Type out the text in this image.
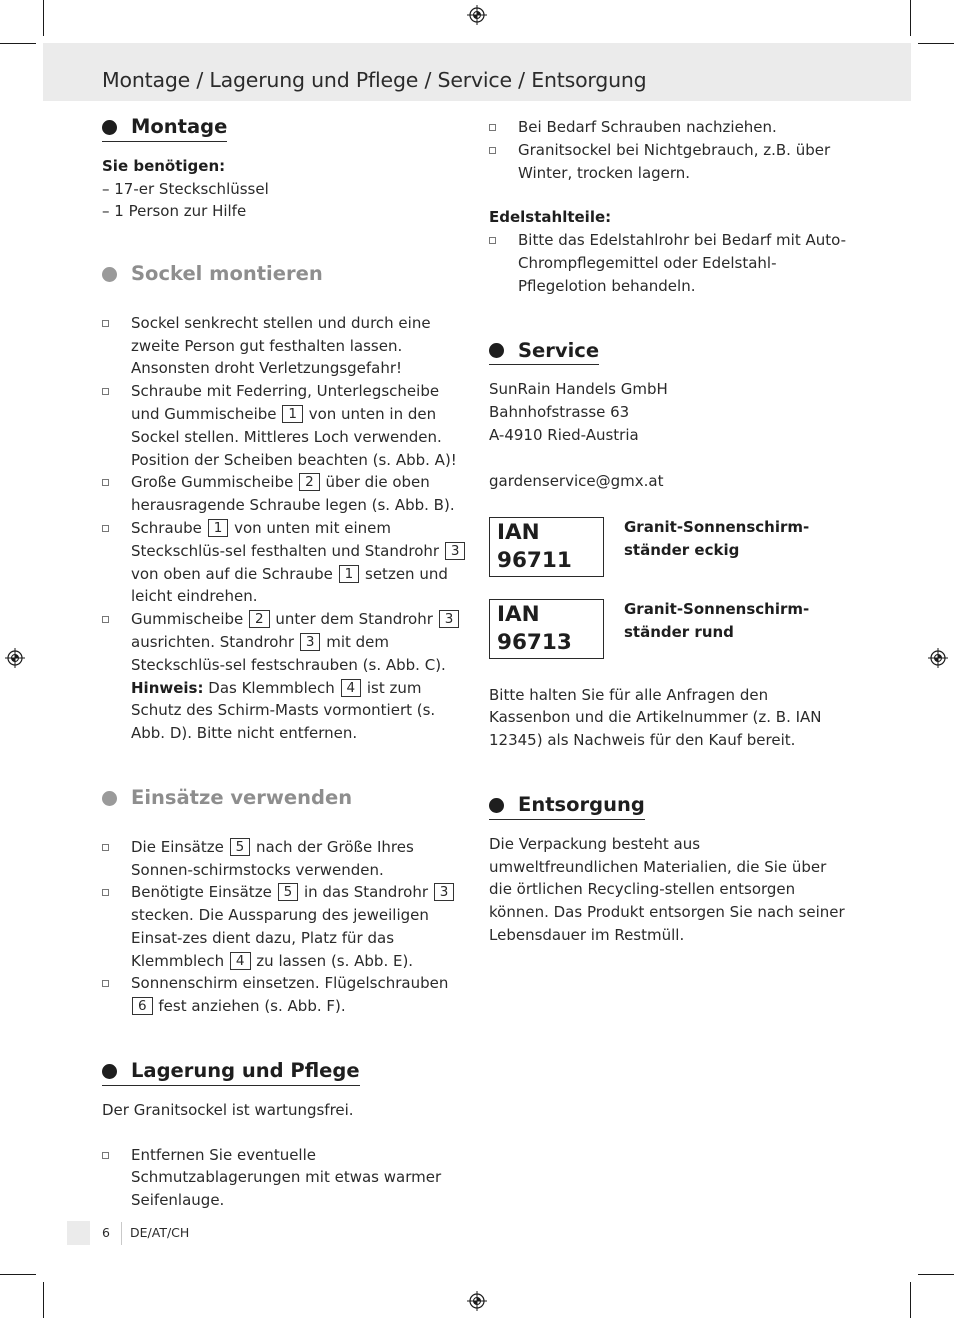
Montage / Lagerung und Pflege / Service / Entsorgung
Montage
Sie benötigen:
– 17-er Steckschlüssel
– 1 Person zur Hilfe
Sockel montieren
Sockel senkrecht stellen und durch eine zweite Person gut festhalten lassen. Ansonsten droht Verletzungsgefahr!
Schraube mit Federring, Unterlegscheibe und Gummischeibe 1 von unten in den Sockel stellen. Mittleres Loch verwenden. Position der Scheiben beachten (s. Abb. A)!
Große Gummischeibe 2 über die oben herausragende Schraube legen (s. Abb. B).
Schraube 1 von unten mit einem Steckschlüs-sel festhalten und Standrohr 3 von oben auf die Schraube 1 setzen und leicht eindrehen.
Gummischeibe 2 unter dem Standrohr 3 ausrichten. Standrohr 3 mit dem Steckschlüs-sel festschrauben (s. Abb. C).
Hinweis: Das Klemmblech 4 ist zum Schutz des Schirm-Masts vormontiert (s. Abb. D). Bitte nicht entfernen.
Einsätze verwenden
Die Einsätze 5 nach der Größe Ihres Sonnen-schirmstocks verwenden.
Benötigte Einsätze 5 in das Standrohr 3 stecken. Die Aussparung des jeweiligen Einsat-zes dient dazu, Platz für das Klemmblech 4 zu lassen (s. Abb. E).
Sonnenschirm einsetzen. Flügelschrauben 6 fest anziehen (s. Abb. F).
Lagerung und Pflege
Der Granitsockel ist wartungsfrei.
Entfernen Sie eventuelle Schmutzablagerungen mit etwas warmer Seifenlauge.
Bei Bedarf Schrauben nachziehen.
Granitsockel bei Nichtgebrauch, z.B. über Winter, trocken lagern.
Edelstahlteile:
Bitte das Edelstahlrohr bei Bedarf mit Auto-Chrompflegemittel oder Edelstahl-Pflegelotion behandeln.
Service
SunRain Handels GmbH
Bahnhofstrasse 63
A-4910 Ried-Austria
gardenservice@gmx.at
IAN 96711
Granit-Sonnenschirm-
ständer eckig
IAN 96713
Granit-Sonnenschirm-
ständer rund
Bitte halten Sie für alle Anfragen den Kassenbon und die Artikelnummer (z. B. IAN 12345) als Nachweis für den Kauf bereit.
Entsorgung
Die Verpackung besteht aus umweltfreundlichen Materialien, die Sie über die örtlichen Recycling-stellen entsorgen können. Das Produkt entsorgen Sie nach seiner Lebensdauer im Restmüll.
6 DE/AT/CH
